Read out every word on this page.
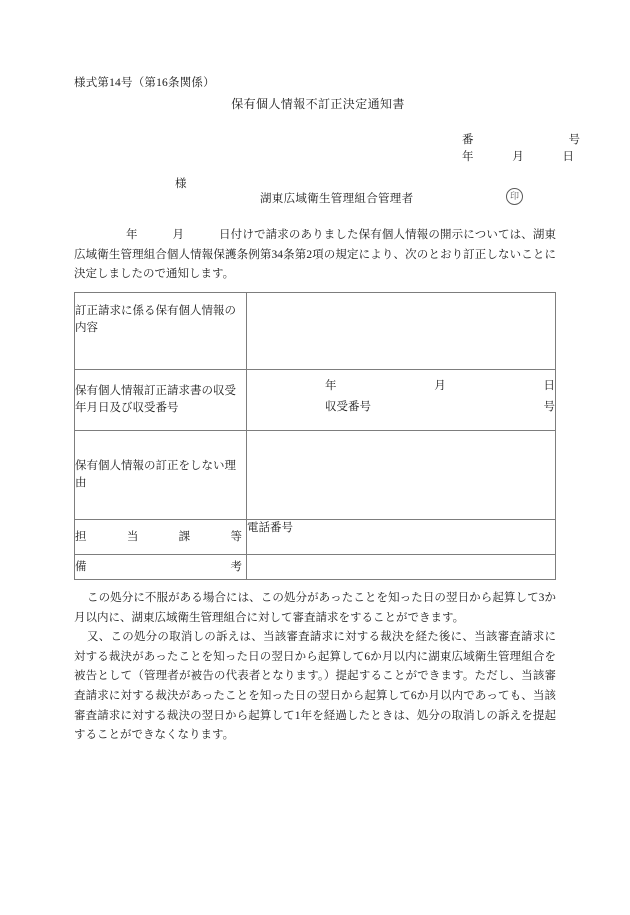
様式第14号（第16条関係）
保有個人情報不訂正決定通知書
番	号
年	月	日
様
湖東広域衛生管理組合管理者	印
年　　　月　　　日付けで請求のありました保有個人情報の開示については、湖東広域衛生管理組合個人情報保護条例第34条第2項の規定により、次のとおり訂正しないことに決定しましたので通知します。
訂正請求に係る保有個人情報の内容	
保有個人情報訂正請求書の収受年月日及び収受番号	年 月 日
収受番号 号

保有個人情報の訂正をしない理由	

担 当 課 等	電話番号

備 考	

この処分に不服がある場合には、この処分があったことを知った日の翌日から起算して3か月以内に、湖東広域衛生管理組合に対して審査請求をすることができます。

又、この処分の取消しの訴えは、当該審査請求に対する裁決を経た後に、当該審査請求に対する裁決があったことを知った日の翌日から起算して6か月以内に湖東広域衛生管理組合を被告として（管理者が被告の代表者となります。）提起することができます。ただし、当該審査請求に対する裁決があったことを知った日の翌日から起算して6か月以内であっても、当該審査請求に対する裁決の翌日から起算して1年を経過したときは、処分の取消しの訴えを提起することができなくなります。
